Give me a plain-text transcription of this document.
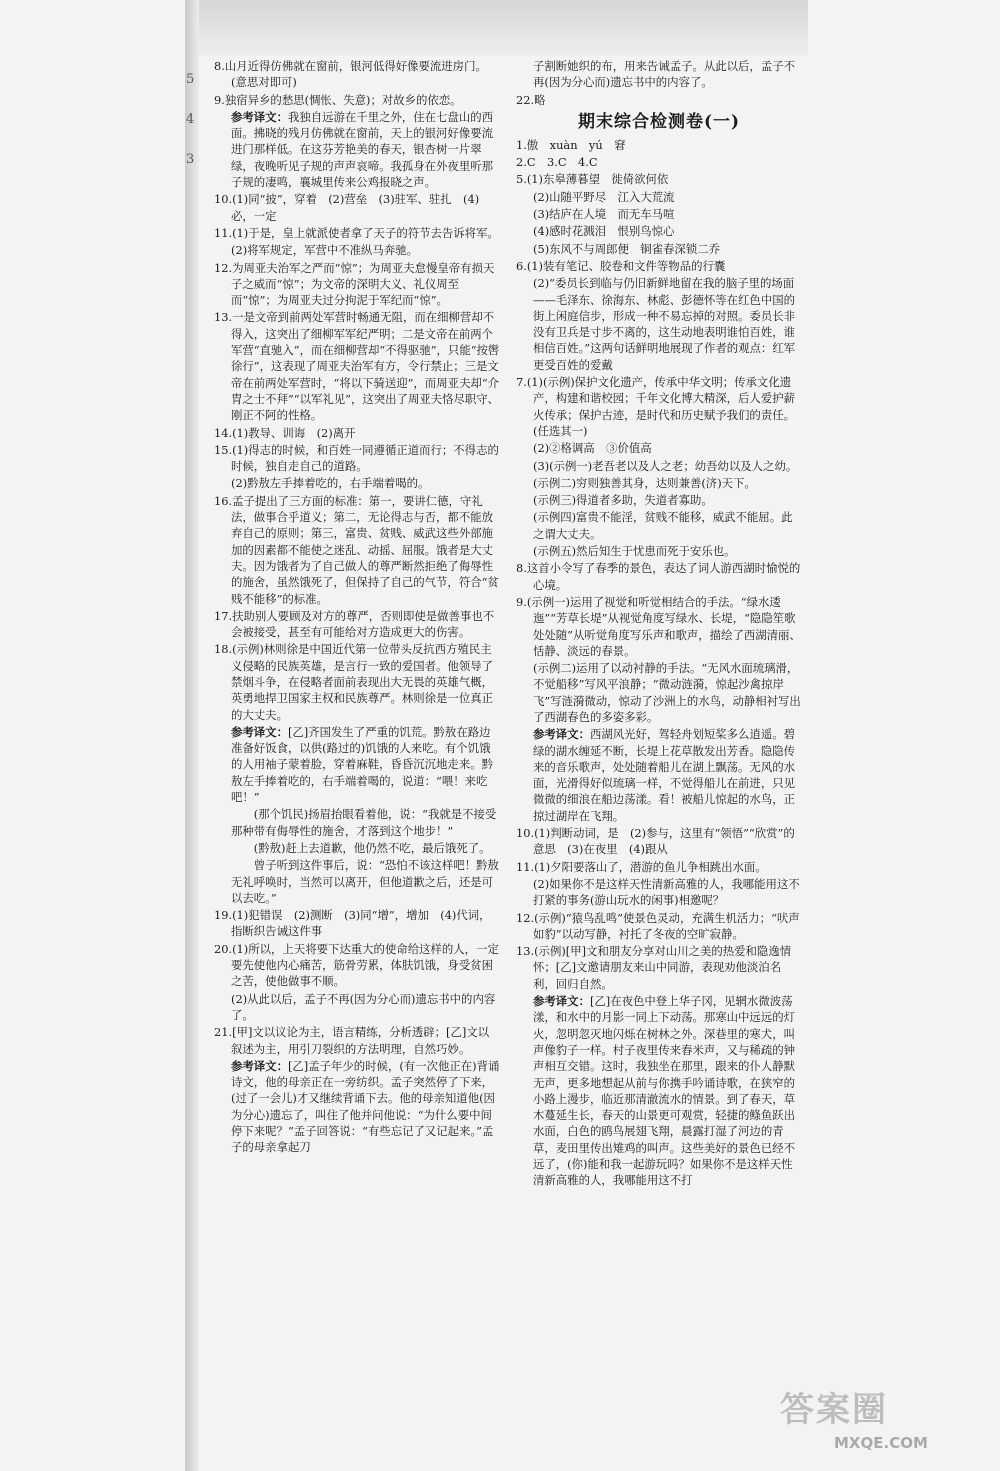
5
4
3
8.山月近得仿佛就在窗前，银河低得好像要流进房门。(意思对即可)
9.独宿异乡的愁思(惆怅、失意)；对故乡的依恋。
参考译文：我独自远游在千里之外，住在七盘山的西面。拂晓的残月仿佛就在窗前，天上的银河好像要流进门那样低。在这芬芳艳美的春天，银杏树一片翠绿，夜晚听见子规的声声哀啼。我孤身在外夜里听那子规的凄鸣，襄城里传来公鸡报晓之声。
10.(1)同“披”，穿着　(2)营垒　(3)驻军、驻扎　(4)必，一定
11.(1)于是，皇上就派使者拿了天子的符节去告诉将军。
(2)将军规定，军营中不准纵马奔驰。
12.为周亚夫治军之严而“惊”；为周亚夫怠慢皇帝有损天子之威而“惊”；为文帝的深明大义、礼仪周至而“惊”；为周亚夫过分拘泥于军纪而“惊”。
13.一是文帝到前两处军营时畅通无阻，而在细柳营却不得入，这突出了细柳军军纪严明；二是文帝在前两个军营“直驰入”，而在细柳营却“不得驱驰”，只能“按辔徐行”，这表现了周亚夫治军有方，令行禁止；三是文帝在前两处军营时，“将以下骑送迎”，而周亚夫却“介胄之士不拜”“以军礼见”，这突出了周亚夫恪尽职守、刚正不阿的性格。
14.(1)教导、训诲　(2)离开
15.(1)得志的时候，和百姓一同遵循正道而行；不得志的时候，独自走自己的道路。
(2)黔敖左手捧着吃的，右手端着喝的。
16.孟子提出了三方面的标准：第一，要讲仁德，守礼法，做事合乎道义；第二，无论得志与否，都不能放弃自己的原则；第三，富贵、贫贱、威武这些外部施加的因素都不能使之迷乱、动摇、屈服。饿者是大丈夫。因为饿者为了自己做人的尊严断然拒绝了侮辱性的施舍，虽然饿死了，但保持了自己的气节，符合“贫贱不能移”的标准。
17.扶助别人要顾及对方的尊严，否则即使是做善事也不会被接受，甚至有可能给对方造成更大的伤害。
18.(示例)林则徐是中国近代第一位带头反抗西方殖民主义侵略的民族英雄，是言行一致的爱国者。他领导了禁烟斗争，在侵略者面前表现出大无畏的英雄气概，英勇地捍卫国家主权和民族尊严。林则徐是一位真正的大丈夫。
参考译文：[乙]齐国发生了严重的饥荒。黔敖在路边准备好饭食，以供(路过的)饥饿的人来吃。有个饥饿的人用袖子蒙着脸，穿着麻鞋，昏昏沉沉地走来。黔敖左手捧着吃的，右手端着喝的，说道：“喂！来吃吧！”
(那个饥民)扬眉抬眼看着他，说：“我就是不接受那种带有侮辱性的施舍，才落到这个地步！”
(黔敖)赶上去道歉，他仍然不吃，最后饿死了。
曾子听到这件事后，说：“恐怕不该这样吧！黔敖无礼呼唤时，当然可以离开，但他道歉之后，还是可以去吃。”
19.(1)犯错误　(2)测断　(3)同“增”，增加　(4)代词，指断织告诫这件事
20.(1)所以，上天将要下达重大的使命给这样的人，一定要先使他内心痛苦，筋骨劳累，体肤饥饿，身受贫困之苦，使他做事不顺。
(2)从此以后，孟子不再(因为分心而)遗忘书中的内容了。
21.[甲]文以议论为主，语言精练，分析透辟；[乙]文以叙述为主，用引刀裂织的方法明理，自然巧妙。
参考译文：[乙]孟子年少的时候，(有一次他正在)背诵诗文，他的母亲正在一旁纺织。孟子突然停了下来，(过了一会儿)才又继续背诵下去。他的母亲知道他(因为分心)遗忘了，叫住了他并问他说：“为什么要中间停下来呢？”孟子回答说：“有些忘记了又记起来。”孟子的母亲拿起刀
子割断她织的布，用来告诫孟子。从此以后，孟子不再(因为分心而)遗忘书中的内容了。
22.略
期末综合检测卷(一)
1.傲　xuàn　yú　窘
2.C　3.C　4.C
5.(1)东皋薄暮望　徙倚欲何依
(2)山随平野尽　江入大荒流
(3)结庐在人境　而无车马喧
(4)感时花溅泪　恨别鸟惊心
(5)东风不与周郎便　铜雀春深锁二乔
6.(1)装有笔记、胶卷和文件等物品的行囊
(2)“委员长到临与仍旧新鲜地留在我的脑子里的场面——毛泽东、徐海东、林彪、彭德怀等在红色中国的街上闲庭信步，形成一种不易忘掉的对照。委员长非没有卫兵是寸步不离的，这生动地表明谁怕百姓，谁相信百姓。”这两句话鲜明地展现了作者的观点：红军更受百姓的爱戴
7.(1)(示例)保护文化遗产，传承中华文明；传承文化遗产，构建和谐校园；千年文化博大精深，后人爱护薪火传承；保护古迹，是时代和历史赋予我们的责任。(任选其一)
(2)②格调高　③价值高
(3)(示例一)老吾老以及人之老；幼吾幼以及人之幼。
(示例二)穷则独善其身，达则兼善(济)天下。
(示例三)得道者多助，失道者寡助。
(示例四)富贵不能淫，贫贱不能移，威武不能屈。此之谓大丈夫。
(示例五)然后知生于忧患而死于安乐也。
8.这首小令写了春季的景色，表达了词人游西湖时愉悦的心境。
9.(示例一)运用了视觉和听觉相结合的手法。“绿水逶迤”“芳草长堤”从视觉角度写绿水、长堤，“隐隐笙歌处处随”从听觉角度写乐声和歌声，描绘了西湖清丽、恬静、淡远的春景。
(示例二)运用了以动衬静的手法。“无风水面琉璃滑，不觉船移”写风平浪静；“微动涟漪，惊起沙禽掠岸飞”写涟漪微动，惊动了沙洲上的水鸟，动静相衬写出了西湖春色的多姿多彩。
参考译文：西湖风光好，驾轻舟划短桨多么逍遥。碧绿的湖水缠延不断，长堤上花草散发出芳香。隐隐传来的音乐歌声，处处随着船儿在湖上飘荡。无风的水面，光滑得好似琉璃一样，不觉得船儿在前进，只见微微的细浪在船边荡漾。看！被船儿惊起的水鸟，正掠过湖岸在飞翔。
10.(1)判断动词，是　(2)参与，这里有“领悟”“欣赏”的意思　(3)在夜里　(4)跟从
11.(1)夕阳要落山了，潜游的鱼儿争相跳出水面。
(2)如果你不是这样天性清新高雅的人，我哪能用这不打紧的事务(游山玩水的闲事)相邀呢？
12.(示例)“猿鸟乱鸣”使景色灵动，充满生机活力；“吠声如豹”以动写静，衬托了冬夜的空旷寂静。
13.(示例)[甲]文和朋友分享对山川之美的热爱和隐逸情怀；[乙]文邀请朋友来山中同游，表现劝他淡泊名利，回归自然。
参考译文：[乙]在夜色中登上华子冈，见辋水微波荡漾，和水中的月影一同上下动荡。那寒山中远远的灯火，忽明忽灭地闪烁在树林之外。深巷里的寒犬，叫声像豹子一样。村子夜里传来舂米声，又与稀疏的钟声相互交错。这时，我独坐在那里，跟来的仆人静默无声，更多地想起从前与你携手吟诵诗歌，在狭窄的小路上漫步，临近那清澈流水的情景。到了春天，草木蔓延生长，春天的山景更可观赏，轻捷的鲦鱼跃出水面，白色的鸥鸟展翅飞翔，晨露打湿了河边的青草，麦田里传出雉鸡的叫声。这些美好的景色已经不远了，(你)能和我一起游玩吗？如果你不是这样天性清新高雅的人，我哪能用这不打
答案圈
MXQE.COM
